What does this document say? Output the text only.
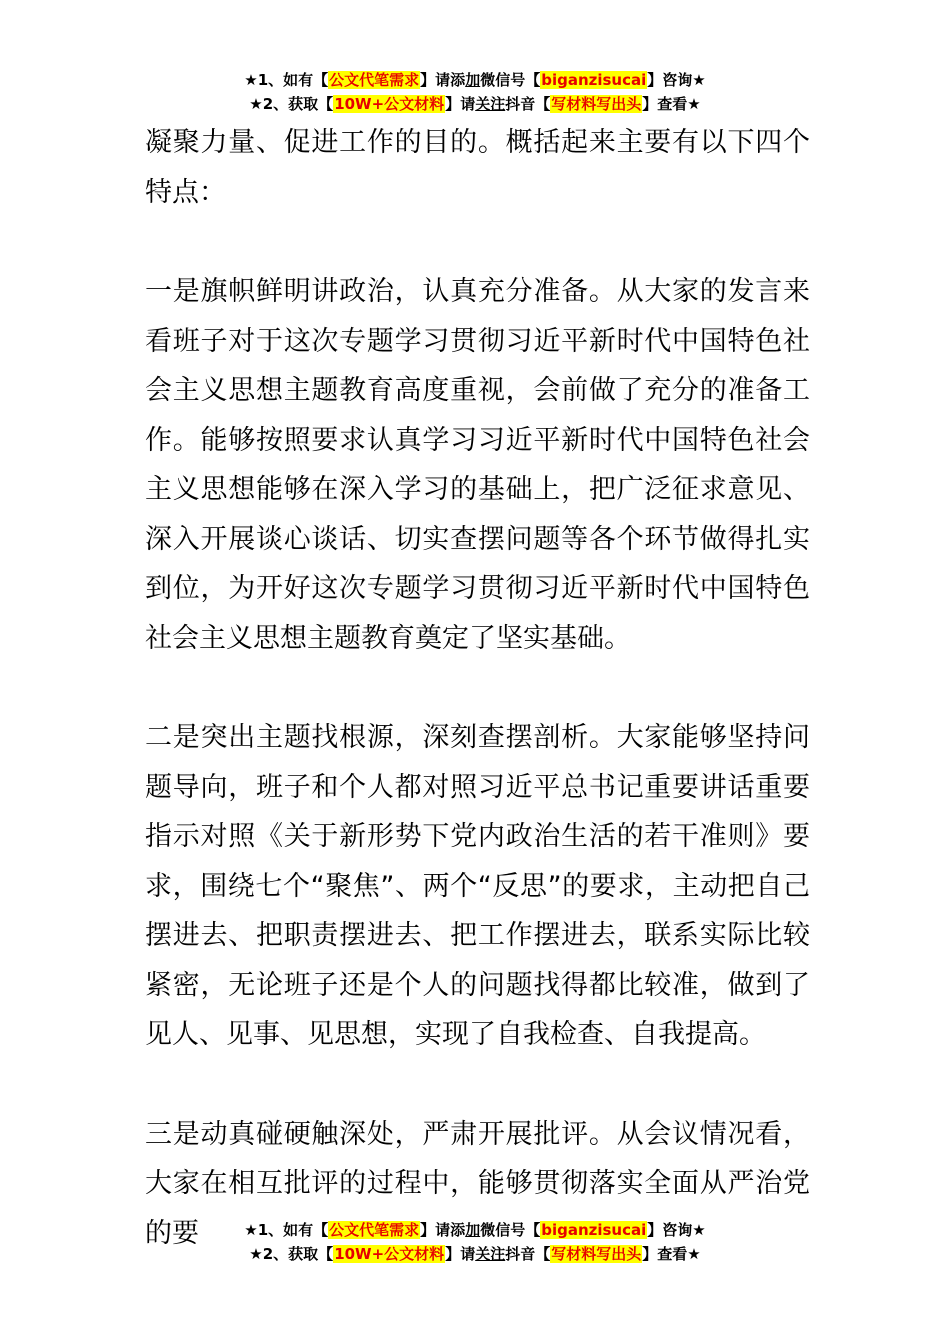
★1、如有【公文代笔需求】请添加微信号【biganzisucai】咨询★
★2、获取【10W+公文材料】请关注抖音【写材料写出头】查看★

凝聚力量、促进工作的目的。概括起来主要有以下四个特点：

一是旗帜鲜明讲政治，认真充分准备。从大家的发言来看班子对于这次专题学习贯彻习近平新时代中国特色社会主义思想主题教育高度重视，会前做了充分的准备工作。能够按照要求认真学习习近平新时代中国特色社会主义思想能够在深入学习的基础上，把广泛征求意见、深入开展谈心谈话、切实查摆问题等各个环节做得扎实到位，为开好这次专题学习贯彻习近平新时代中国特色社会主义思想主题教育奠定了坚实基础。

二是突出主题找根源，深刻查摆剖析。大家能够坚持问题导向，班子和个人都对照习近平总书记重要讲话重要指示对照《关于新形势下党内政治生活的若干准则》要求，围绕七个“聚焦”、两个“反思”的要求，主动把自己摆进去、把职责摆进去、把工作摆进去，联系实际比较紧密，无论班子还是个人的问题找得都比较准，做到了见人、见事、见思想，实现了自我检查、自我提高。

三是动真碰硬触深处，严肃开展批评。从会议情况看，大家在相互批评的过程中，能够贯彻落实全面从严治党的要	★1、如有【公文代笔需求】请添加微信号【biganzisucai】咨询★
★2、获取【10W+公文材料】请关注抖音【写材料写出头】查看★
